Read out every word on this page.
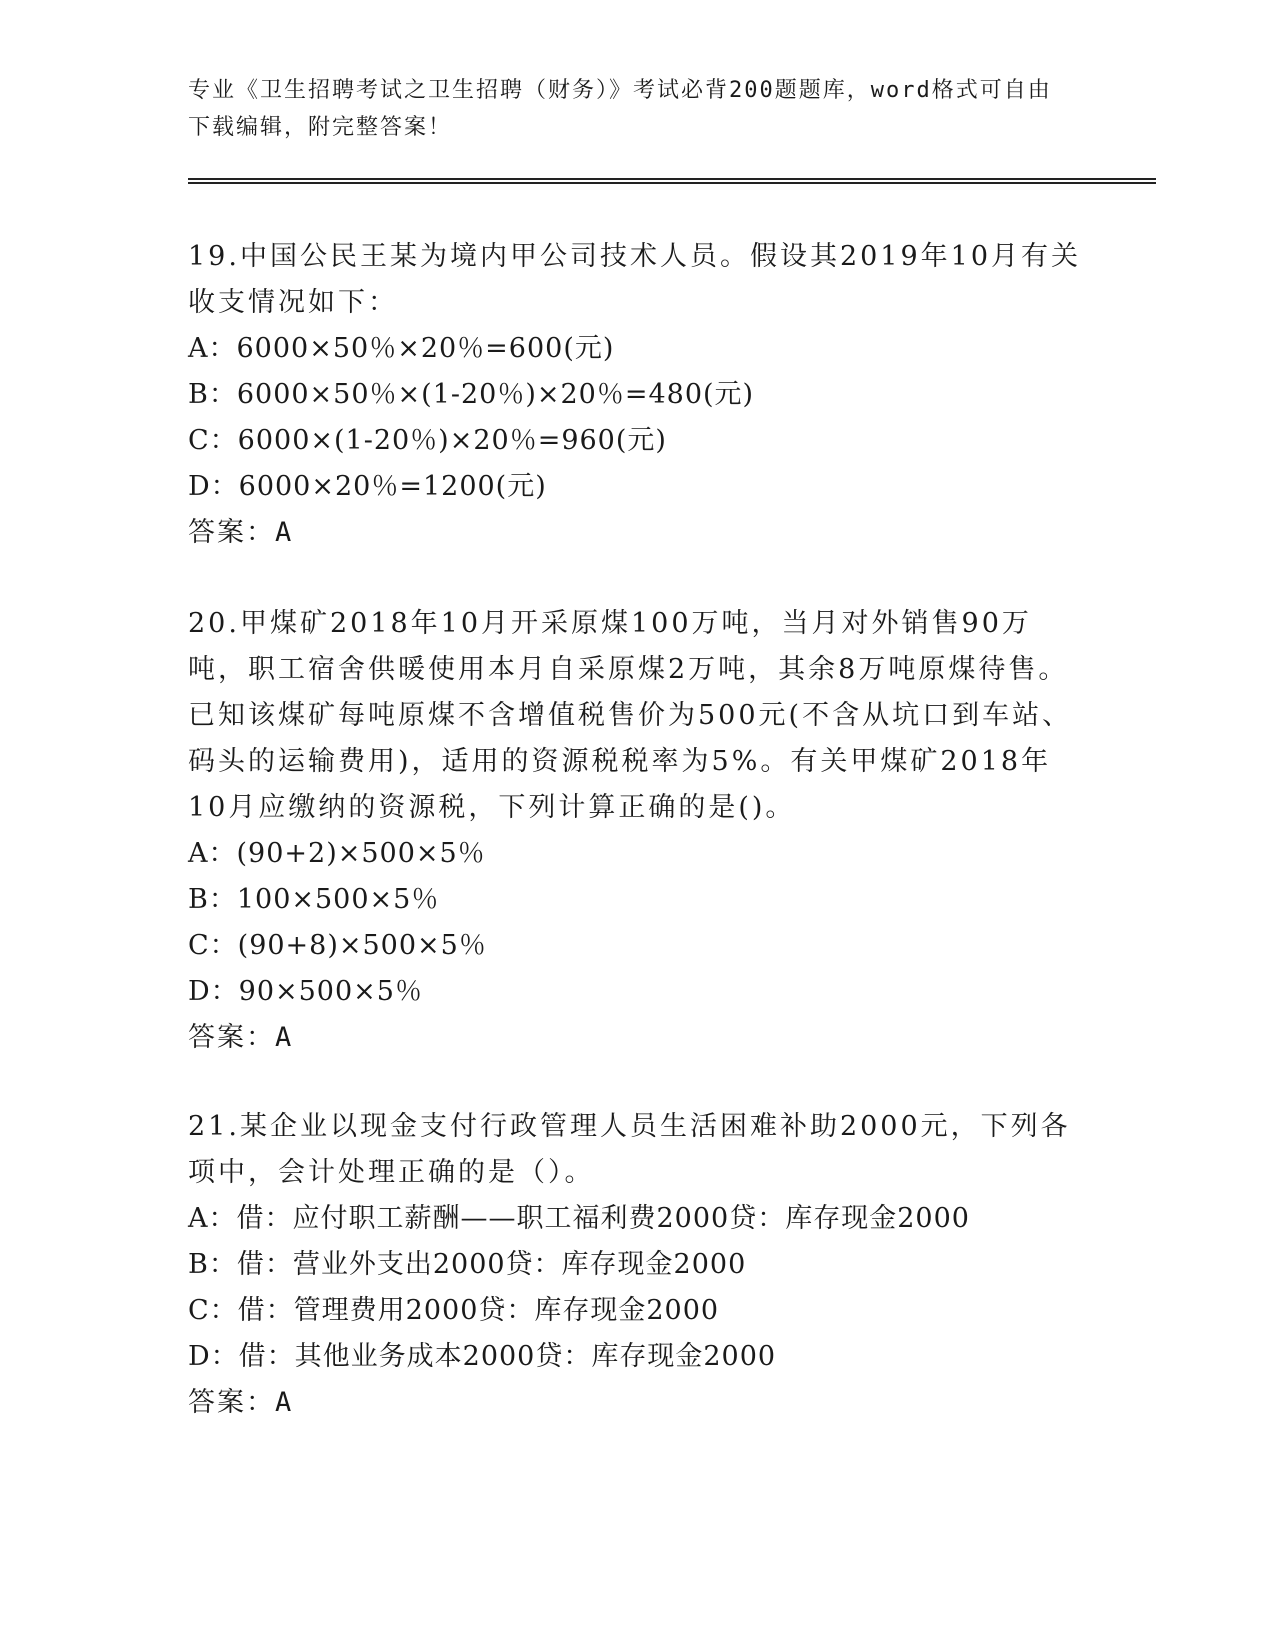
专业《卫生招聘考试之卫生招聘（财务）》考试必背200题题库，word格式可自由下载编辑，附完整答案！
19.中国公民王某为境内甲公司技术人员。假设其2019年10月有关收支情况如下：
A：6000×50％×20％=600(元)
B：6000×50％×(1-20％)×20％=480(元)
C：6000×(1-20％)×20％=960(元)
D：6000×20％=1200(元)
答案：A
20.甲煤矿2018年10月开采原煤100万吨，当月对外销售90万吨，职工宿舍供暖使用本月自采原煤2万吨，其余8万吨原煤待售。已知该煤矿每吨原煤不含增值税售价为500元(不含从坑口到车站、码头的运输费用)，适用的资源税税率为5%。有关甲煤矿2018年10月应缴纳的资源税，下列计算正确的是()。
A：(90+2)×500×5％
B：100×500×5％
C：(90+8)×500×5％
D：90×500×5％
答案：A
21.某企业以现金支付行政管理人员生活困难补助2000元，下列各项中，会计处理正确的是（）。
A：借：应付职工薪酬——职工福利费2000贷：库存现金2000
B：借：营业外支出2000贷：库存现金2000
C：借：管理费用2000贷：库存现金2000
D：借：其他业务成本2000贷：库存现金2000
答案：A
